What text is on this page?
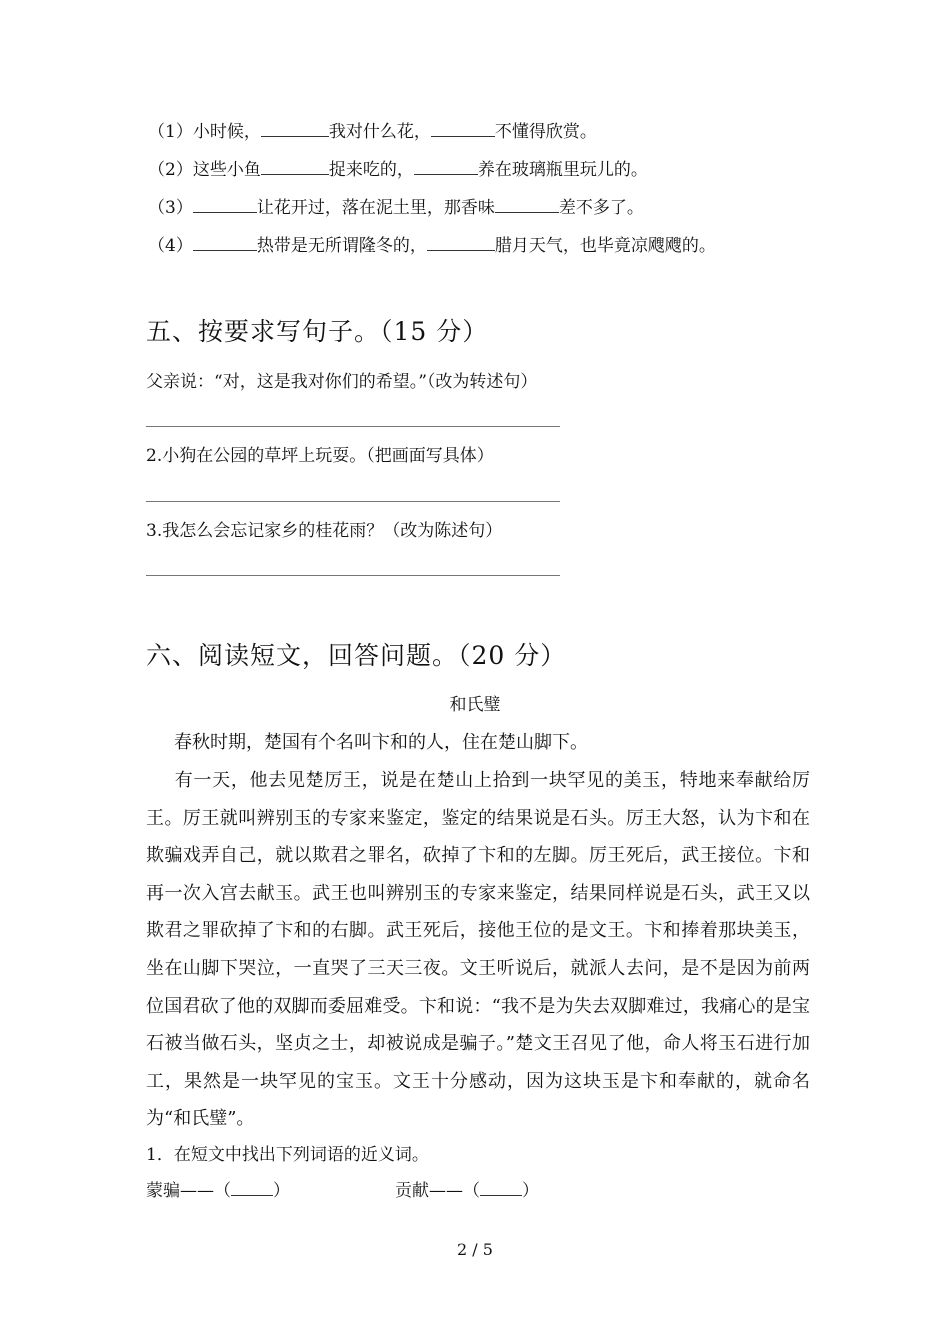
（1）小时候，	我对什么花，	不懂得欣赏。
（2）这些小鱼	捉来吃的，	养在玻璃瓶里玩儿的。
（3）	让花开过，落在泥土里，那香味	差不多了。
（4）	热带是无所谓隆冬的，	腊月天气，也毕竟凉飕飕的。
五、按要求写句子。（15 分）
父亲说：“对，这是我对你们的希望。”（改为转述句）
2.小狗在公园的草坪上玩耍。（把画面写具体）
3.我怎么会忘记家乡的桂花雨？（改为陈述句）
六、阅读短文，回答问题。（20 分）
和氏璧
春秋时期，楚国有个名叫卞和的人，住在楚山脚下。
有一天，他去见楚厉王，说是在楚山上拾到一块罕见的美玉，特地来奉献给厉王。厉王就叫辨别玉的专家来鉴定，鉴定的结果说是石头。厉王大怒，认为卞和在欺骗戏弄自己，就以欺君之罪名，砍掉了卞和的左脚。厉王死后，武王接位。卞和再一次入宫去献玉。武王也叫辨别玉的专家来鉴定，结果同样说是石头，武王又以欺君之罪砍掉了卞和的右脚。武王死后，接他王位的是文王。卞和捧着那块美玉，坐在山脚下哭泣，一直哭了三天三夜。文王听说后，就派人去问，是不是因为前两位国君砍了他的双脚而委屈难受。卞和说：“我不是为失去双脚难过，我痛心的是宝石被当做石头，坚贞之士，却被说成是骗子。”楚文王召见了他，命人将玉石进行加工，果然是一块罕见的宝玉。文王十分感动，因为这块玉是卞和奉献的，就命名为“和氏璧”。
1．在短文中找出下列词语的近义词。
蒙骗——（ ）	贡献——（ ）
2 / 5
